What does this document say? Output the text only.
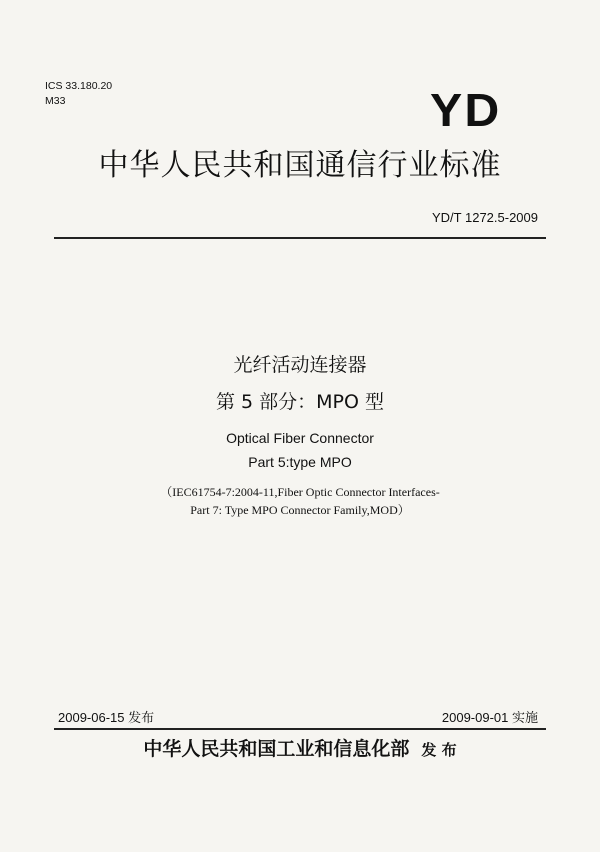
ICS 33.180.20
M33	YD
中华人民共和国通信行业标准
YD/T 1272.5-2009
光纤活动连接器
第 5 部分：MPO 型
Optical Fiber Connector
Part 5:type MPO
（IEC61754-7:2004-11,Fiber Optic Connector Interfaces-
Part 7: Type MPO Connector Family,MOD）
2009-06-15 发布	2009-09-01 实施
中华人民共和国工业和信息化部 发 布
